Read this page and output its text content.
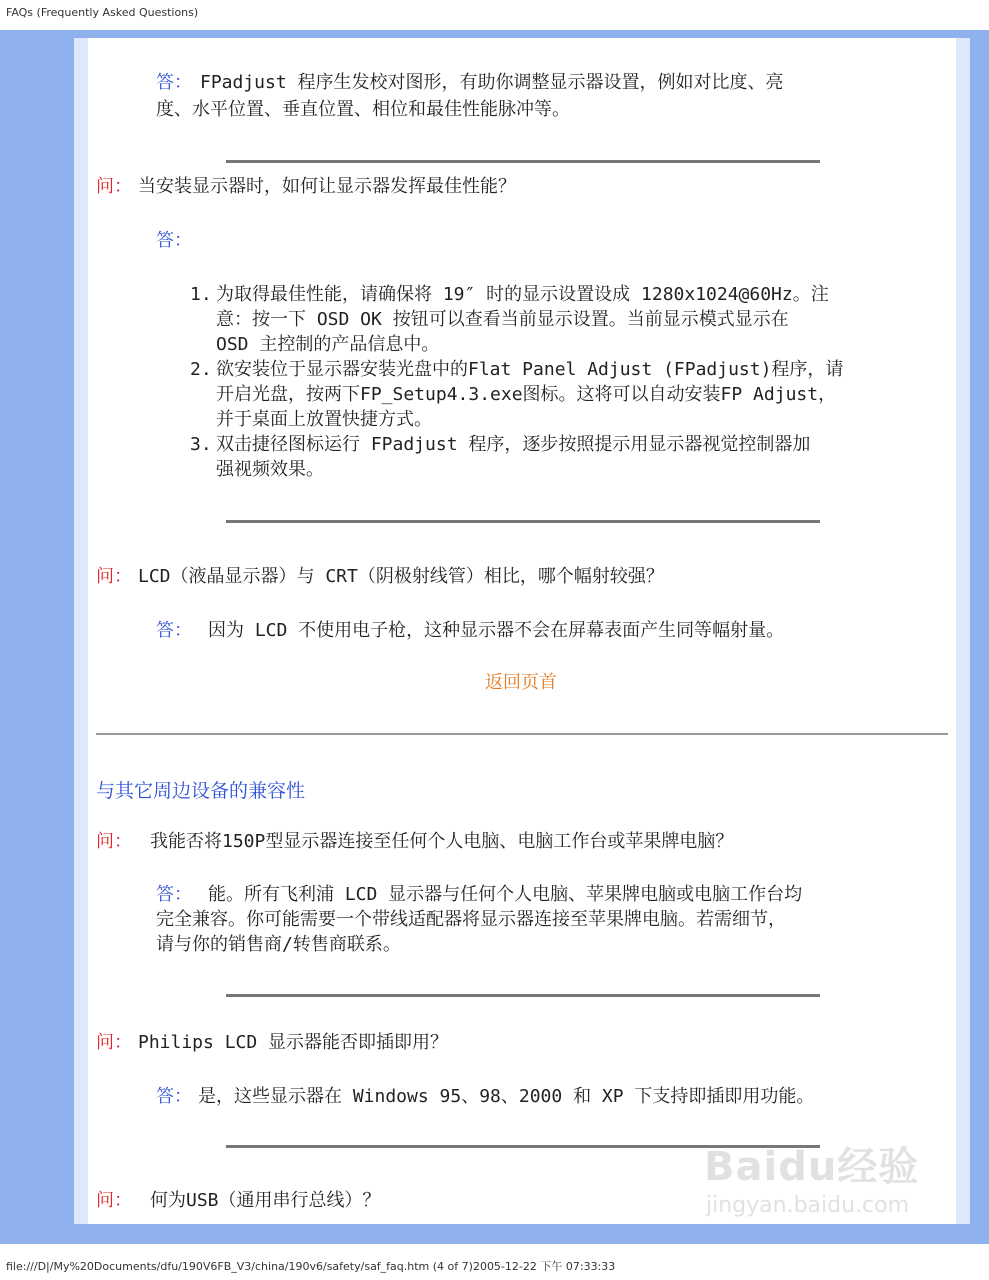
FAQs (Frequently Asked Questions)
答： FPadjust 程序生发校对图形，有助你调整显示器设置，例如对比度、亮
度、水平位置、垂直位置、相位和最佳性能脉冲等。
问： 当安装显示器时，如何让显示器发挥最佳性能？
答：
1. 为取得最佳性能，请确保将 19″ 时的显示设置设成 1280x1024@60Hz。注
意：按一下 OSD OK 按钮可以查看当前显示设置。当前显示模式显示在
OSD 主控制的产品信息中。
2. 欲安装位于显示器安装光盘中的Flat Panel Adjust (FPadjust)程序，请
开启光盘，按两下FP_Setup4.3.exe图标。这将可以自动安装FP Adjust，
并于桌面上放置快捷方式。
3. 双击捷径图标运行 FPadjust 程序，逐步按照提示用显示器视觉控制器加
强视频效果。
问： LCD（液晶显示器）与 CRT（阴极射线管）相比，哪个幅射较强？
答： 因为 LCD 不使用电子枪，这种显示器不会在屏幕表面产生同等幅射量。
返回页首
与其它周边设备的兼容性
问： 我能否将150P型显示器连接至任何个人电脑、电脑工作台或苹果牌电脑？
答： 能。所有飞利浦 LCD 显示器与任何个人电脑、苹果牌电脑或电脑工作台均
完全兼容。你可能需要一个带线适配器将显示器连接至苹果牌电脑。若需细节，
请与你的销售商/转售商联系。
问： Philips LCD 显示器能否即插即用？
答： 是，这些显示器在 Windows 95、98、2000 和 XP 下支持即插即用功能。
问： 何为USB（通用串行总线）？
Baidu经验
jingyan.baidu.com
file:///D|/My%20Documents/dfu/190V6FB_V3/china/190v6/safety/saf_faq.htm (4 of 7)2005-12-22 下午 07:33:33
